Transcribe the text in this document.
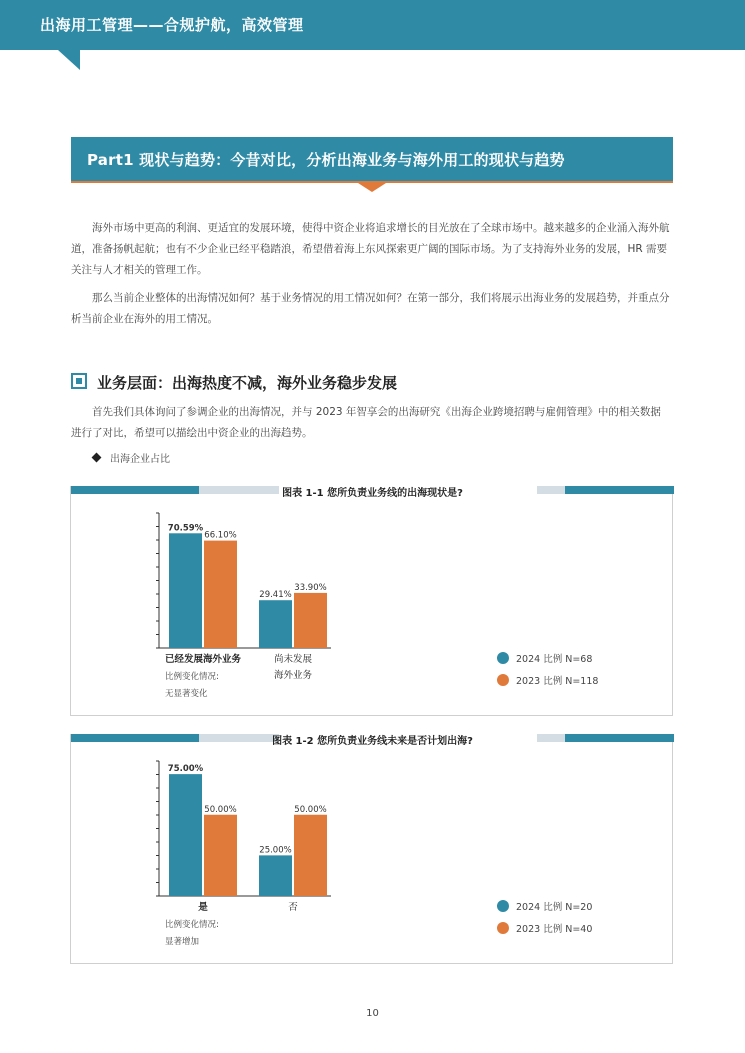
出海用工管理——合规护航，高效管理
Part1 现状与趋势：今昔对比，分析出海业务与海外用工的现状与趋势

海外市场中更高的利润、更适宜的发展环境，使得中资企业将追求增长的目光放在了全球市场中。越来越多的企业涌入海外航道，准备扬帆起航；也有不少企业已经平稳踏浪，希望借着海上东风探索更广阔的国际市场。为了支持海外业务的发展，HR 需要关注与人才相关的管理工作。

那么当前企业整体的出海情况如何？基于业务情况的用工情况如何？在第一部分，我们将展示出海业务的发展趋势，并重点分析当前企业在海外的用工情况。

业务层面：出海热度不减，海外业务稳步发展

首先我们具体询问了参调企业的出海情况，并与 2023 年智享会的出海研究《出海企业跨境招聘与雇佣管理》中的相关数据进行了对比，希望可以描绘出中资企业的出海趋势。

出海企业占比
图表 1-1 您所负责业务线的出海现状是?
70.59%
66.10%
已经发展海外业务
29.41%
33.90%
尚未发展
海外业务
比例变化情况:
无显著变化
2024 比例 N=68
2023 比例 N=118
图表 1-2 您所负责业务线未来是否计划出海?
75.00%
50.00%
是
25.00%
50.00%
否
比例变化情况:
显著增加
2024 比例 N=20
2023 比例 N=40
10
